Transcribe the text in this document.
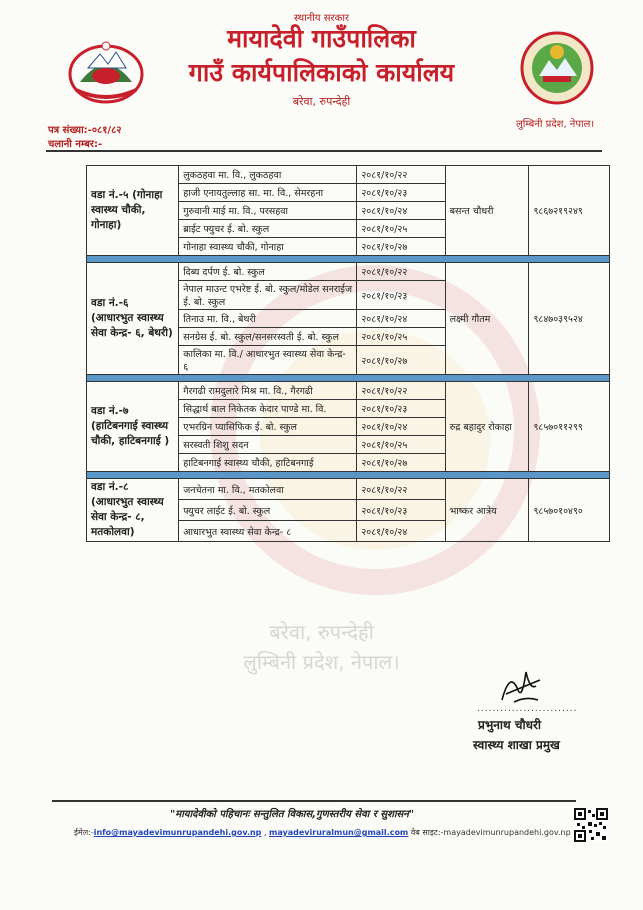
स्थानीय सरकार
मायादेवी गाउँपालिका
गाउँ कार्यपालिकाको कार्यालय
बरेवा, रुपन्देही
लुम्बिनी प्रदेश, नेपाल।
पत्र संख्या:-०८१/८२
चलानी नम्बर:-
बरेवा, रुपन्देही
लुम्बिनी प्रदेश, नेपाल।
वडा नं.-५ (गोनाहा स्वास्थ्य चौकी, गोनाहा)	लुकठहवा मा. वि., लुकठहवा	२०८१/१०/२२	बसन्त चौधरी	९८६७२१९२४९
	हाजी एनायतुल्लाह सा. मा. वि., सेमरहना	२०८१/१०/२३		
	गुरुवानी माई मा. वि., परसहवा	२०८१/१०/२४		
	ब्राईट फ्युचर ई. बो. स्कुल	२०८१/१०/२५		
	गोनाहा स्वास्थ्य चौकी, गोनाहा	२०८१/१०/२७		

वडा नं.-६ (आधारभुत स्वास्थ्य सेवा केन्द्र- ६, बेथरी)	दिब्य दर्पण ई. बो. स्कुल	२०८१/१०/२२	लक्ष्मी गौतम	९८४७०३९५२४
	नेपाल माउन्ट एभरेष्ट ई. बो. स्कुल/मोडेल सनराईज ई. बो. स्कुल	२०८१/१०/२३		
	तिनाउ मा. वि., बेथरी	२०८१/१०/२४		
	सनग्रेस ई. बो. स्कुल/सनसरस्वती ई. बो. स्कुल	२०८१/१०/२५		
	कालिका मा. वि./ आधारभुत स्वास्थ्य सेवा केन्द्र- ६	२०८१/१०/२७		

वडा नं.-७ (हाटिबनगाई स्वास्थ्य चौकी, हाटिबनगाई )	गैरगढी रामदुलारे मिश्र मा. वि., गैरगढी	२०८१/१०/२२	रुद्र बहादुर रोकाहा	९८५७०११२९९
	सिद्धार्थ बाल निकेतक केदार पाण्डे मा. वि.	२०८१/१०/२३		
	एभरग्रिन प्यासिफिक ई. बो. स्कुल	२०८१/१०/२४		
	सरस्वती शिशु सदन	२०८१/१०/२५		
	हाटिबनगाई स्वास्थ्य चौकी, हाटिबनगाई	२०८१/१०/२७		

वडा नं.-८ (आधारभुत स्वास्थ्य सेवा केन्द्र- ८, मतकोलवा)	जनचेतना मा. वि., मतकोलवा	२०८१/१०/२२	भाष्कर आत्रेय	९८५७०१०४९०
	फ्युचर लाईट ई. बो. स्कुल	२०८१/१०/२३		
	आधारभुत स्वास्थ्य सेवा केन्द्र- ८	२०८१/१०/२४		
..........................
प्रभुनाथ चौधरी
स्वास्थ्य शाखा प्रमुख
"मायादेवीको पहिचानः सन्तुलित विकास,गुणस्तरीय सेवा र सुशासन"
ईमेल:-info@mayadevimunrupandehi.gov.np , mayadeviruralmun@gmail.com वेब साइट:-mayadevimunrupandehi.gov.np
